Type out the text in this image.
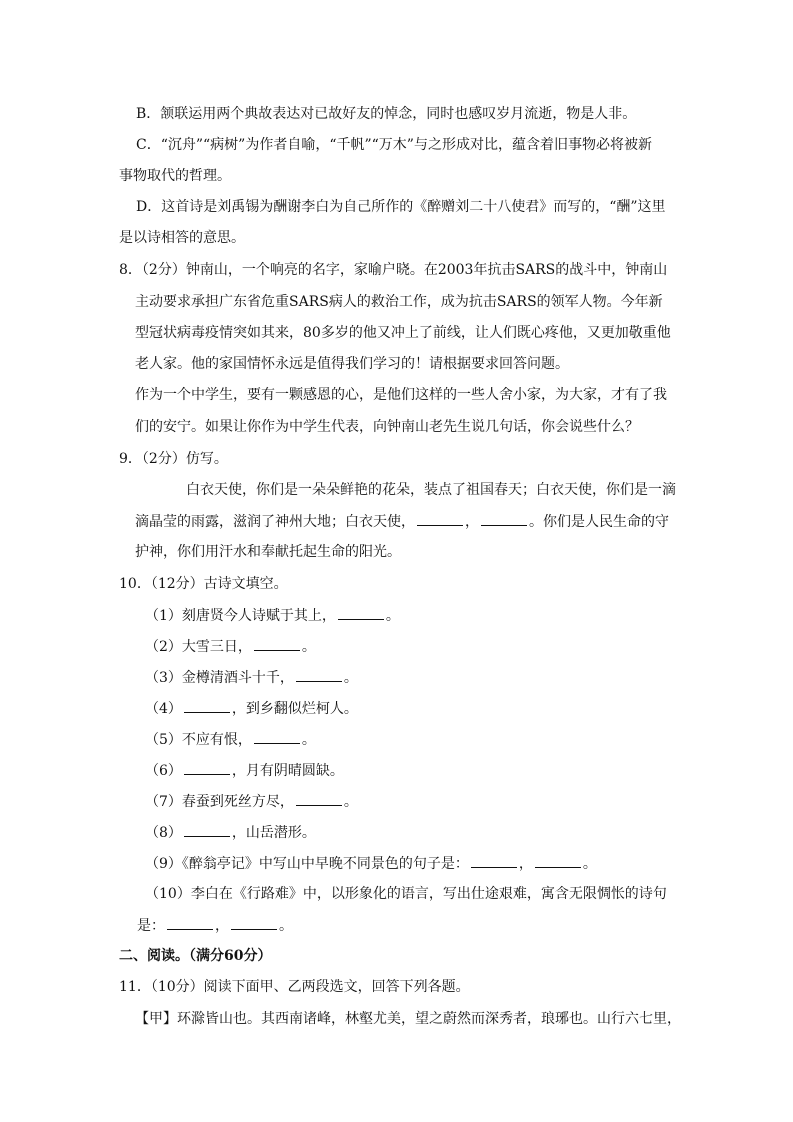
B．颔联运用两个典故表达对已故好友的悼念，同时也感叹岁月流逝，物是人非。
C．“沉舟”“病树”为作者自喻，“千帆”“万木”与之形成对比，蕴含着旧事物必将被新
事物取代的哲理。
D．这首诗是刘禹锡为酬谢李白为自己所作的《醉赠刘二十八使君》而写的，“酬”这里
是以诗相答的意思。
8．（2分）钟南山，一个响亮的名字，家喻户晓。在2003年抗击SARS的战斗中，钟南山
主动要求承担广东省危重SARS病人的救治工作，成为抗击SARS的领军人物。今年新
型冠状病毒疫情突如其来，80多岁的他又冲上了前线，让人们既心疼他，又更加敬重他
老人家。他的家国情怀永远是值得我们学习的！请根据要求回答问题。
作为一个中学生，要有一颗感恩的心，是他们这样的一些人舍小家，为大家，才有了我
们的安宁。如果让你作为中学生代表，向钟南山老先生说几句话，你会说些什么？
9．（2分）仿写。
白衣天使，你们是一朵朵鲜艳的花朵，装点了祖国春天；白衣天使，你们是一滴
滴晶莹的雨露，滋润了神州大地；白衣天使，	，	。你们是人民生命的守
护神，你们用汗水和奉献托起生命的阳光。
10．（12分）古诗文填空。
（1）刻唐贤今人诗赋于其上，	。
（2）大雪三日，	。
（3）金樽清酒斗十千，	。
（4）	，到乡翻似烂柯人。
（5）不应有恨，	。
（6）	，月有阴晴圆缺。
（7）春蚕到死丝方尽，	。
（8）	，山岳潜形。
（9）《醉翁亭记》中写山中早晚不同景色的句子是：	，	。
（10）李白在《行路难》中，以形象化的语言，写出仕途艰难，寓含无限惆怅的诗句
是：	，	。
二、阅读。（满分60分）
11．（10分）阅读下面甲、乙两段选文，回答下列各题。
【甲】环滁皆山也。其西南诸峰，林壑尤美，望之蔚然而深秀者，琅琊也。山行六七里，
